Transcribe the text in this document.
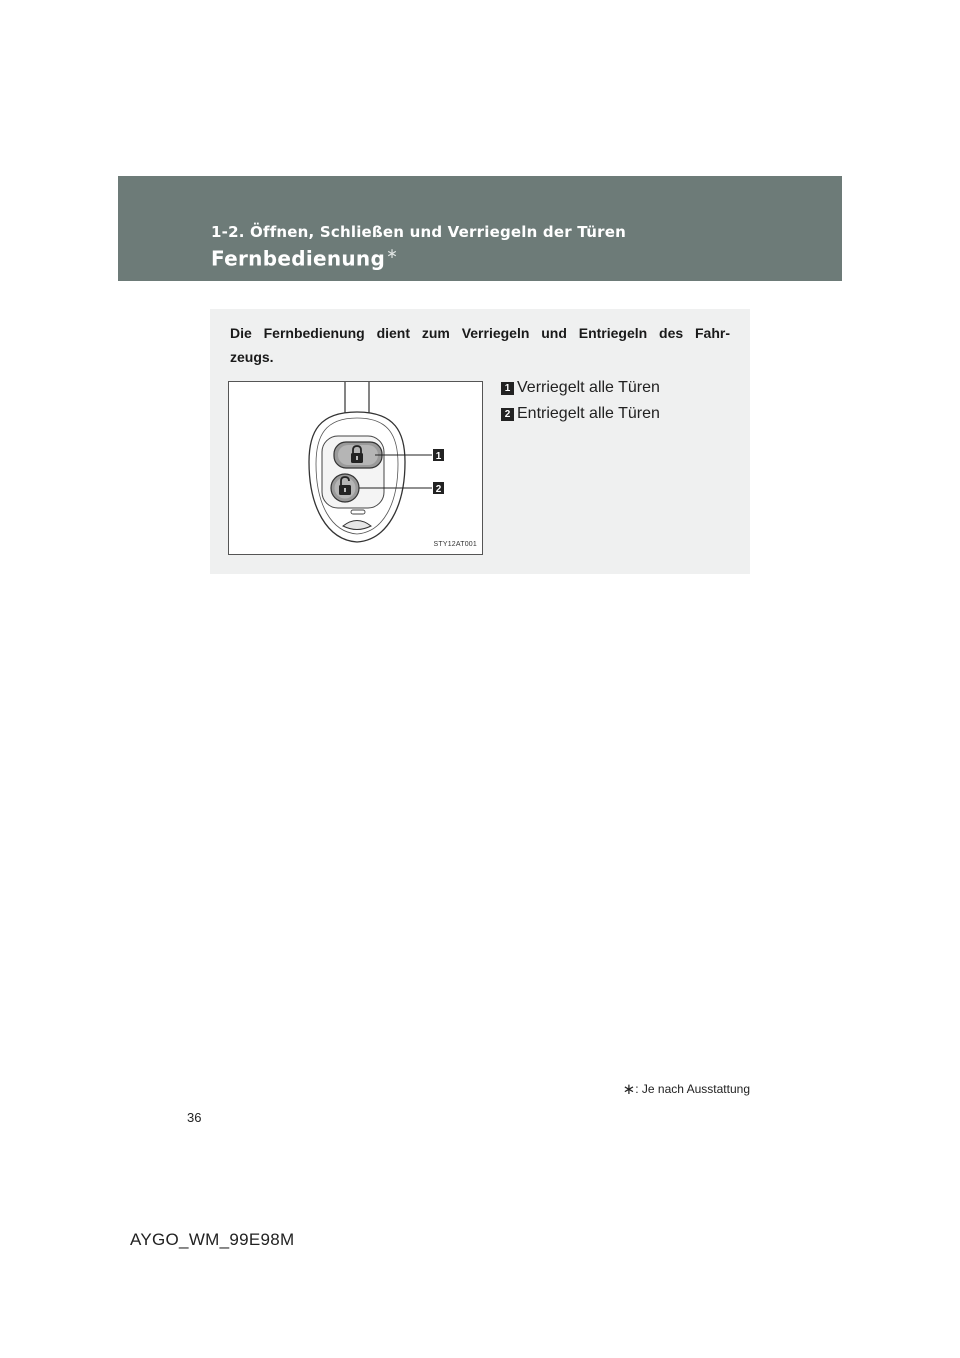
1-2. Öffnen, Schließen und Verriegeln der Türen
Fernbedienung∗
Die Fernbedienung dient zum Verriegeln und Entriegeln des Fahr-zeugs.
1
2
STY12AT001
1 Verriegelt alle Türen
2 Entriegelt alle Türen
∗: Je nach Ausstattung
36
AYGO_WM_99E98M
